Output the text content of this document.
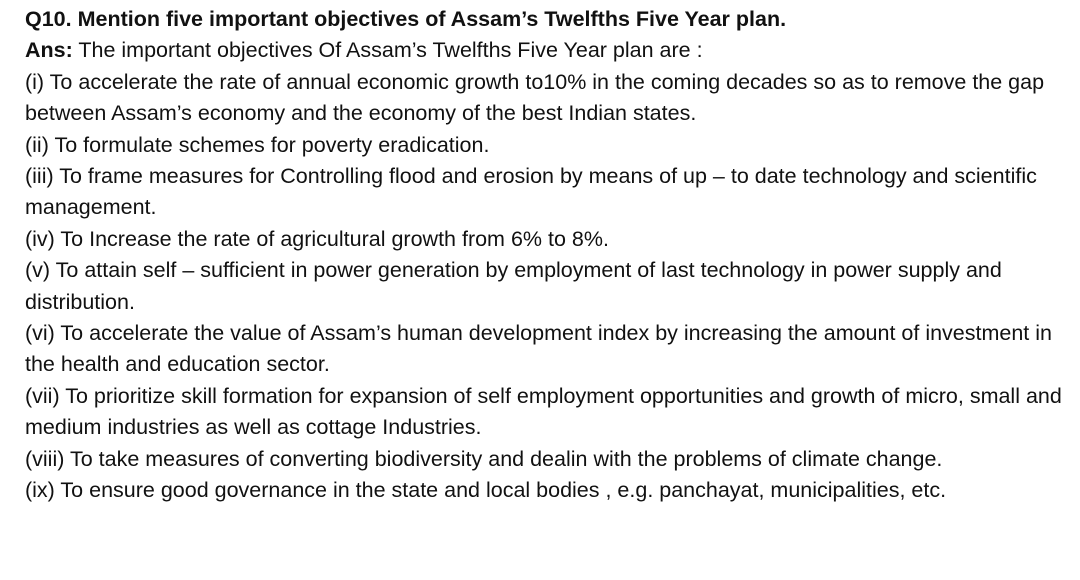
Q10. Mention five important objectives of Assam’s Twelfths Five Year plan.

Ans: The important objectives Of Assam’s Twelfths Five Year plan are :

(i) To accelerate the rate of annual economic growth to10% in the coming decades so as to remove the gap between Assam’s economy and the economy of the best Indian states.
(ii) To formulate schemes for poverty eradication.
(iii) To frame measures for Controlling flood and erosion by means of up – to date technology and scientific management.
(iv) To Increase the rate of agricultural growth from 6% to 8%.
(v) To attain self – sufficient in power generation by employment of last technology in power supply and distribution.
(vi) To accelerate the value of Assam’s human development index by increasing the amount of investment in the health and education sector.
(vii) To prioritize skill formation for expansion of self employment opportunities and growth of micro, small and medium industries as well as cottage Industries.
(viii) To take measures of converting biodiversity and dealin with the problems of climate change.
(ix) To ensure good governance in the state and local bodies , e.g. panchayat, municipalities, etc.
